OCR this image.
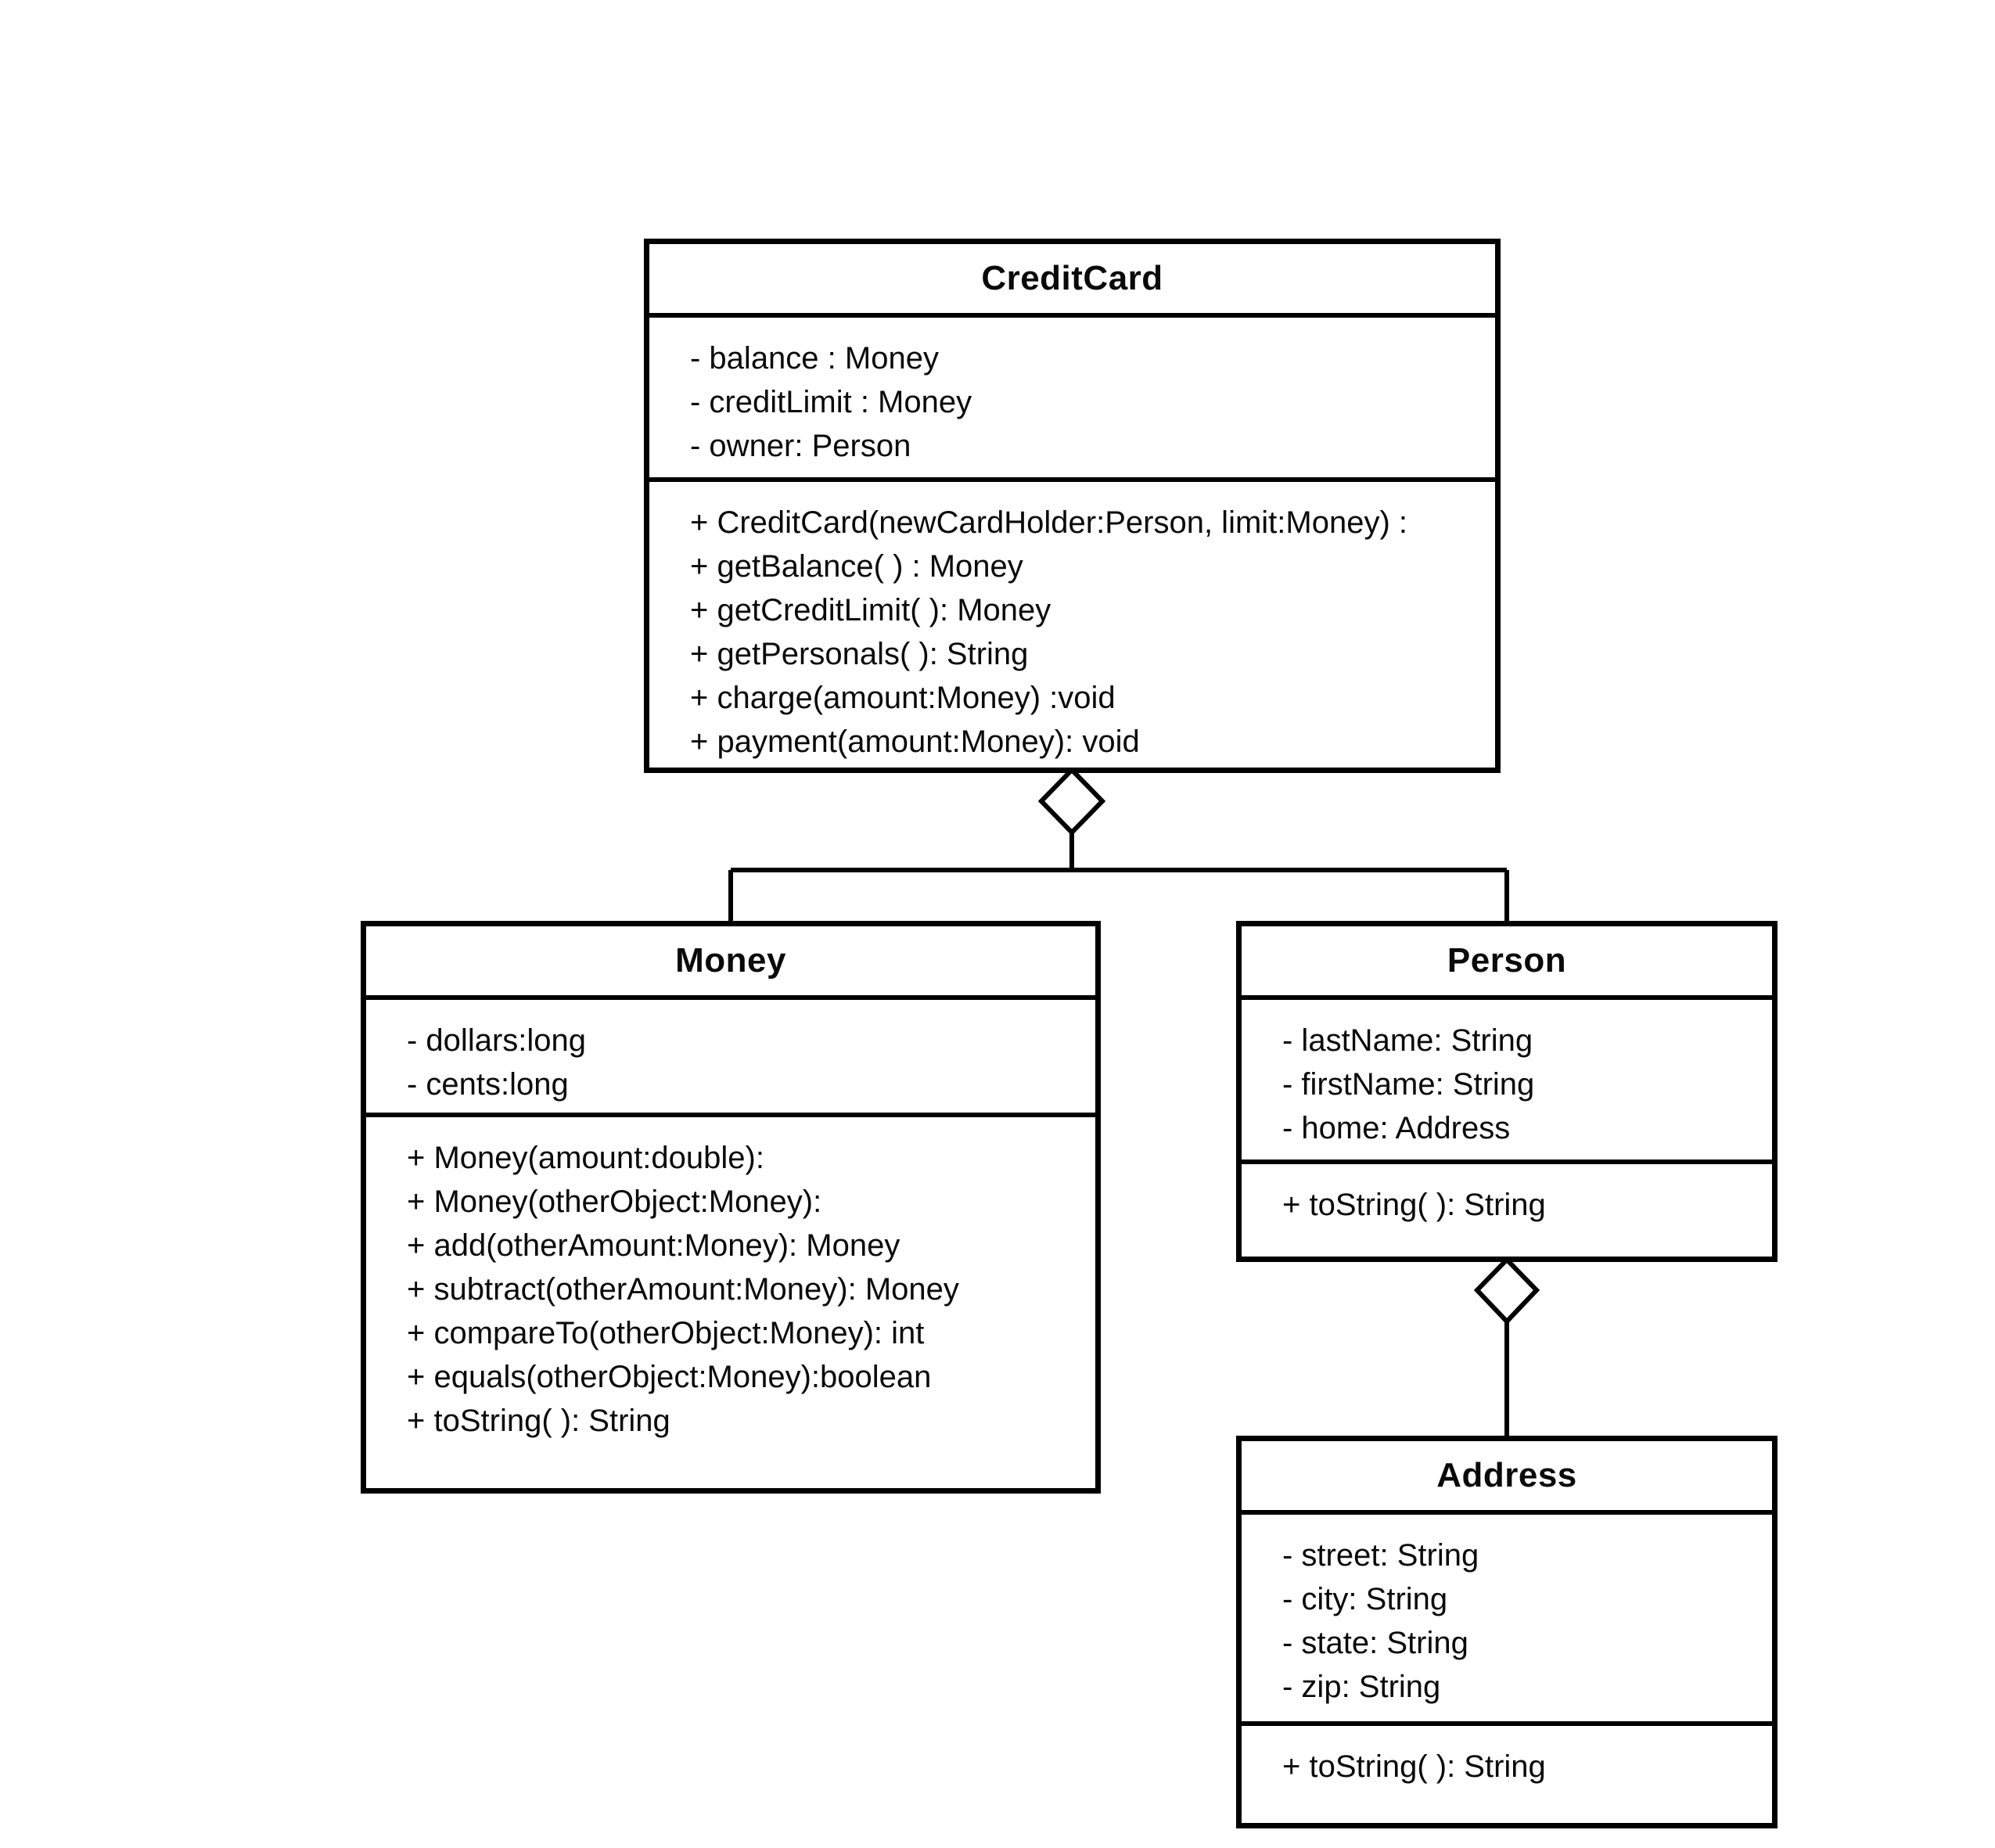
CreditCard
- balance : Money
- creditLimit : Money
- owner: Person
+ CreditCard(newCardHolder:Person, limit:Money) :
+ getBalance( ) : Money
+ getCreditLimit( ): Money
+ getPersonals( ): String
+ charge(amount:Money) :void
+ payment(amount:Money): void
Money
- dollars:long
- cents:long
+ Money(amount:double):
+ Money(otherObject:Money):
+ add(otherAmount:Money): Money
+ subtract(otherAmount:Money): Money
+ compareTo(otherObject:Money): int
+ equals(otherObject:Money):boolean
+ toString( ): String
Person
- lastName: String
- firstName: String
- home: Address
+ toString( ): String
Address
- street: String
- city: String
- state: String
- zip: String
+ toString( ): String
